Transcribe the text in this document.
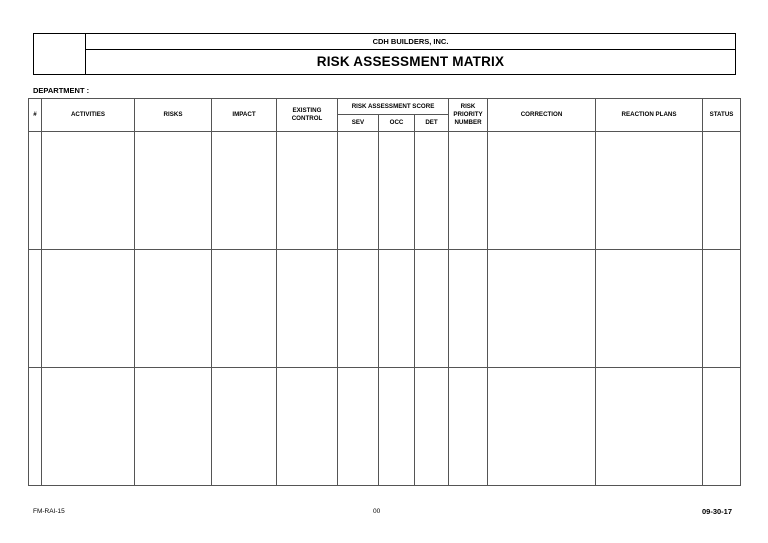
CDH BUILDERS, INC.
RISK ASSESSMENT MATRIX
DEPARTMENT :
#	ACTIVITIES	RISKS	IMPACT	EXISTING CONTROL	RISK ASSESSMENT SCORE			RISK PRIORITY NUMBER	CORRECTION	REACTION PLANS	STATUS
					SEV	OCC	DET				

FM-RAI-15	00	09-30-17
